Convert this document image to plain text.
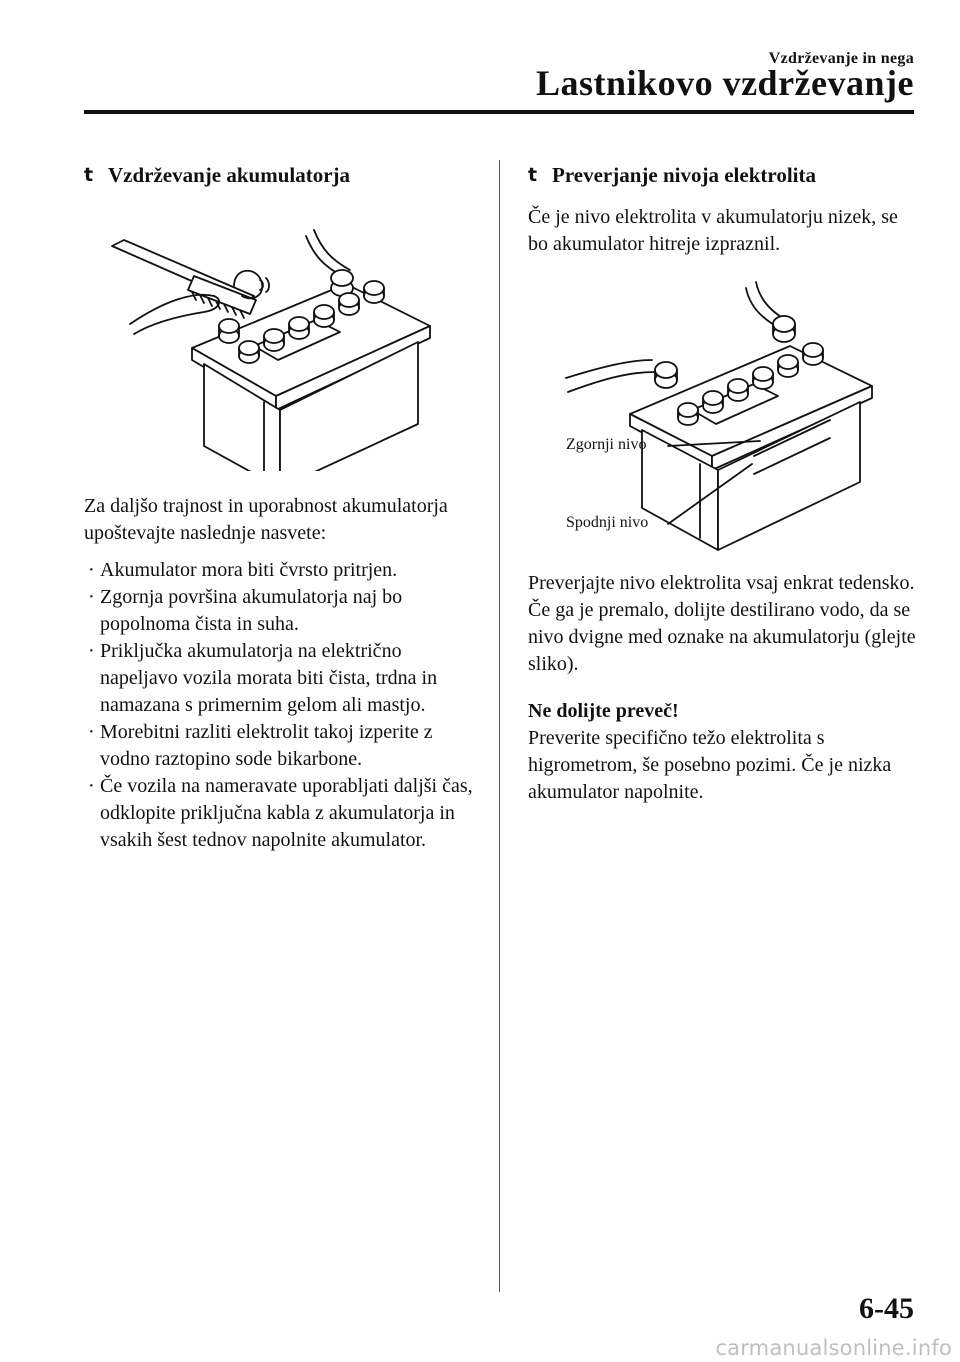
Vzdrževanje in nega
Lastnikovo vzdrževanje
t Vzdrževanje akumulatorja

Za daljšo trajnost in uporabnost akumulatorja upoštevajte naslednje nasvete:

· Akumulator mora biti čvrsto pritrjen.
· Zgornja površina akumulatorja naj bo popolnoma čista in suha.
· Priključka akumulatorja na električno napeljavo vozila morata biti čista, trdna in namazana s primernim gelom ali mastjo.
· Morebitni razliti elektrolit takoj izperite z vodno raztopino sode bikarbone.
· Če vozila na nameravate uporabljati daljši čas, odklopite priključna kabla z akumulatorja in vsakih šest tednov napolnite akumulator.
t Preverjanje nivoja elektrolita

Če je nivo elektrolita v akumulatorju nizek, se bo akumulator hitreje izpraznil.

Zgornji nivo
Spodnji nivo

Preverjajte nivo elektrolita vsaj enkrat tedensko. Če ga je premalo, dolijte destilirano vodo, da se nivo dvigne med oznake na akumulatorju (glejte sliko).

Ne dolijte preveč!

Preverite specifično težo elektrolita s higrometrom, še posebno pozimi. Če je nizka akumulator napolnite.

6-45
carmanualsonline.info
